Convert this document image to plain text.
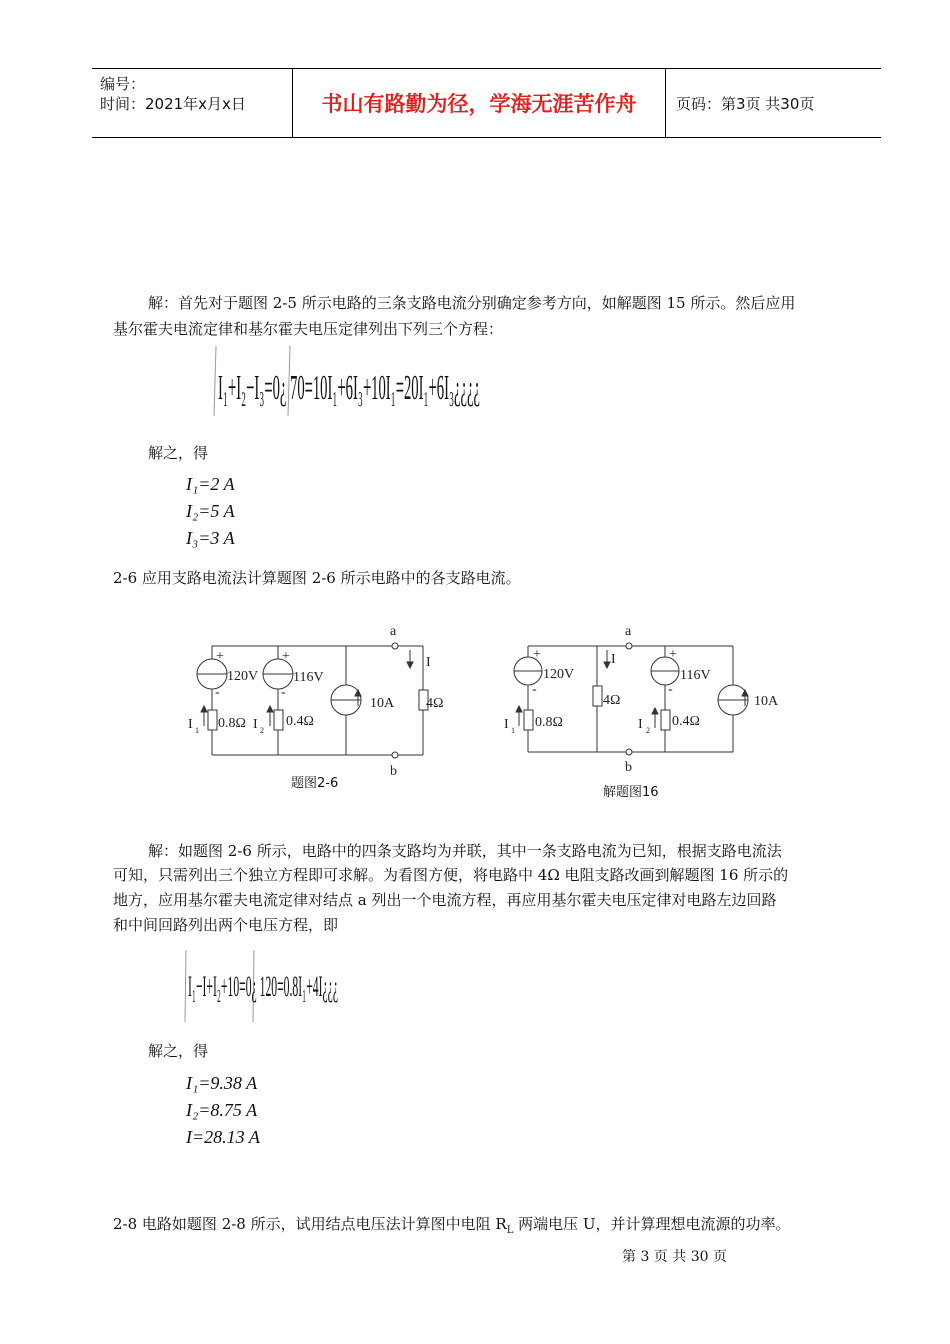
编号：
时间：2021年x月x日	书山有路勤为径，学海无涯苦作舟	页码：第3页 共30页
解：首先对于题图 2-5 所示电路的三条支路电流分别确定参考方向，如解题图 15 所示。然后应用
基尔霍夫电流定律和基尔霍夫电压定律列出下列三个方程：
I₁+I₂−I₃=0¿ 70=10I₁+6I₃+10I₁=20I₁+6I₃¿¿¿¿
解之，得
I₁=2 A
I₂=5 A
I₃=3 A
2-6 应用支路电流法计算题图 2-6 所示电路中的各支路电流。
+
-
120V
+
-
116V
10A 4Ω
I
0.8Ω	0.4Ω
I 1	I 2
a
b
题图2-6
+
-
120V
I
4Ω
+
-
116V
10A
0.8Ω	0.4Ω
I 1	I 2
a
b
解题图16
解：如题图 2-6 所示，电路中的四条支路均为并联，其中一条支路电流为已知，根据支路电流法
可知，只需列出三个独立方程即可求解。为看图方便，将电路中 4Ω 电阻支路改画到解题图 16 所示的
地方，应用基尔霍夫电流定律对结点 a 列出一个电流方程，再应用基尔霍夫电压定律对电路左边回路
和中间回路列出两个电压方程，即
I₁−I+I₂+10=0¿ 120=0.8I₁+4I¿¿¿
解之，得
I₁=9.38 A
I₂=8.75 A
I=28.13 A
2-8 电路如题图 2-8 所示，试用结点电压法计算图中电阻 $R_L$ 两端电压 U，并计算理想电流源的功率。
第 3 页 共 30 页
